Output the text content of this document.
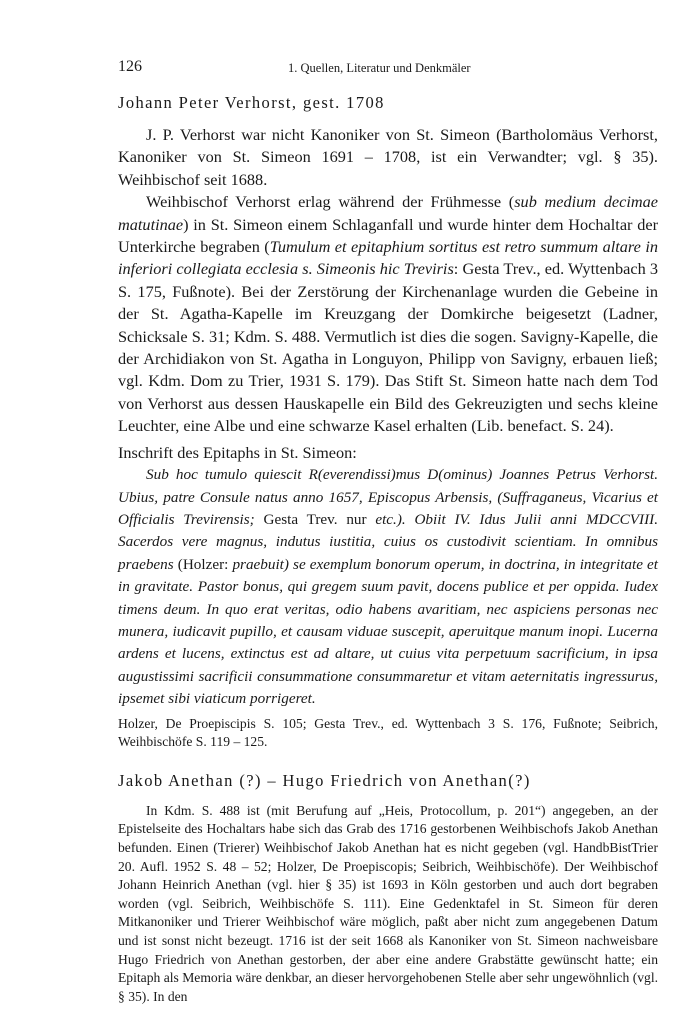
126	1. Quellen, Literatur und Denkmäler
Johann Peter Verhorst, gest. 1708

J. P. Verhorst war nicht Kanoniker von St. Simeon (Bartholomäus Verhorst, Kanoniker von St. Simeon 1691 – 1708, ist ein Verwandter; vgl. § 35). Weihbischof seit 1688.

Weihbischof Verhorst erlag während der Frühmesse (sub medium decimae matutinae) in St. Simeon einem Schlaganfall und wurde hinter dem Hochaltar der Unterkirche begraben (Tumulum et epitaphium sortitus est retro summum altare in inferiori collegiata ecclesia s. Simeonis hic Treviris: Gesta Trev., ed. Wyttenbach 3 S. 175, Fußnote). Bei der Zerstörung der Kirchenanlage wurden die Gebeine in der St. Agatha-Kapelle im Kreuzgang der Domkirche beigesetzt (Ladner, Schicksale S. 31; Kdm. S. 488. Vermutlich ist dies die sogen. Savigny-Kapelle, die der Archidiakon von St. Agatha in Longuyon, Philipp von Savigny, erbauen ließ; vgl. Kdm. Dom zu Trier, 1931 S. 179). Das Stift St. Simeon hatte nach dem Tod von Verhorst aus dessen Hauskapelle ein Bild des Gekreuzigten und sechs kleine Leuchter, eine Albe und eine schwarze Kasel erhalten (Lib. benefact. S. 24).

Inschrift des Epitaphs in St. Simeon:

Sub hoc tumulo quiescit R(everendissi)mus D(ominus) Joannes Petrus Verhorst. Ubius, patre Consule natus anno 1657, Episcopus Arbensis, (Suffraganeus, Vicarius et Officialis Trevirensis; Gesta Trev. nur etc.). Obiit IV. Idus Julii anni MDCCVIII. Sacerdos vere magnus, indutus iustitia, cuius os custodivit scientiam. In omnibus praebens (Holzer: praebuit) se exemplum bonorum operum, in doctrina, in integritate et in gravitate. Pastor bonus, qui gregem suum pavit, docens publice et per oppida. Iudex timens deum. In quo erat veritas, odio habens avaritiam, nec aspiciens personas nec munera, iudicavit pupillo, et causam viduae suscepit, aperuitque manum inopi. Lucerna ardens et lucens, extinctus est ad altare, ut cuius vita perpetuum sacrificium, in ipsa augustissimi sacrificii consummatione consummaretur et vitam aeternitatis ingressurus, ipsemet sibi viaticum porrigeret.

Holzer, De Proepiscipis S. 105; Gesta Trev., ed. Wyttenbach 3 S. 176, Fußnote; Seibrich, Weihbischöfe S. 119 – 125.

Jakob Anethan (?) – Hugo Friedrich von Anethan(?)

In Kdm. S. 488 ist (mit Berufung auf „Heis, Protocollum, p. 201“) angegeben, an der Epistelseite des Hochaltars habe sich das Grab des 1716 gestorbenen Weihbischofs Jakob Anethan befunden. Einen (Trierer) Weihbischof Jakob Anethan hat es nicht gegeben (vgl. HandbBistTrier 20. Aufl. 1952 S. 48 – 52; Holzer, De Proepiscopis; Seibrich, Weihbischöfe). Der Weihbischof Johann Heinrich Anethan (vgl. hier § 35) ist 1693 in Köln gestorben und auch dort begraben worden (vgl. Seibrich, Weihbischöfe S. 111). Eine Gedenktafel in St. Simeon für deren Mitkanoniker und Trierer Weihbischof wäre möglich, paßt aber nicht zum angegebenen Datum und ist sonst nicht bezeugt. 1716 ist der seit 1668 als Kanoniker von St. Simeon nachweisbare Hugo Friedrich von Anethan gestorben, der aber eine andere Grabstätte gewünscht hatte; ein Epitaph als Memoria wäre denkbar, an dieser hervorgehobenen Stelle aber sehr ungewöhnlich (vgl. § 35). In den
